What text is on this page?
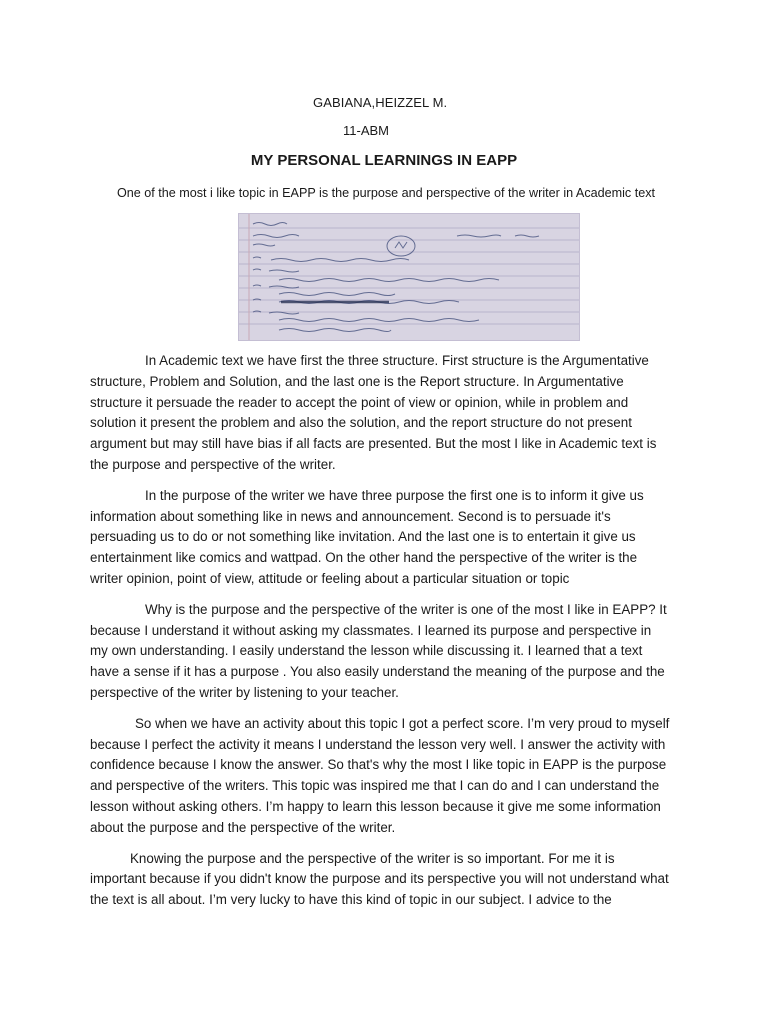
GABIANA,HEIZZEL M.
11-ABM
MY PERSONAL LEARNINGS IN EAPP
One of the most i like topic in EAPP is the purpose and perspective of the writer in Academic text

In Academic text we have first the three structure. First structure is the Argumentative structure, Problem and Solution, and the last one is the Report structure. In Argumentative structure it persuade the reader to accept the point of view or opinion, while in problem and solution it present the problem and also the solution, and the report structure do not present argument but may still have bias if all facts are presented. But the most I like in Academic text is the purpose and perspective of the writer.

In the purpose of the writer we have three purpose the first one is to inform it give us information about something like in news and announcement. Second is to persuade it's persuading us to do or not something like invitation. And the last one is to entertain it give us entertainment like comics and wattpad. On the other hand the perspective of the writer is the writer opinion, point of view, attitude or feeling about a particular situation or topic

Why is the purpose and the perspective of the writer is one of the most I like in EAPP? It because I understand it without asking my classmates. I learned its purpose and perspective in my own understanding. I easily understand the lesson while discussing it. I learned that a text have a sense if it has a purpose . You also easily understand the meaning of the purpose and the perspective of the writer by listening to your teacher.

So when we have an activity about this topic I got a perfect score. I’m very proud to myself because I perfect the activity it means I understand the lesson very well. I answer the activity with confidence because I know the answer. So that's why the most I like topic in EAPP is the purpose and perspective of the writers. This topic was inspired me that I can do and I can understand the lesson without asking others. I’m happy to learn this lesson because it give me some information about the purpose and the perspective of the writer.

Knowing the purpose and the perspective of the writer is so important. For me it is important because if you didn't know the purpose and its perspective you will not understand what the text is all about. I’m very lucky to have this kind of topic in our subject. I advice to the
